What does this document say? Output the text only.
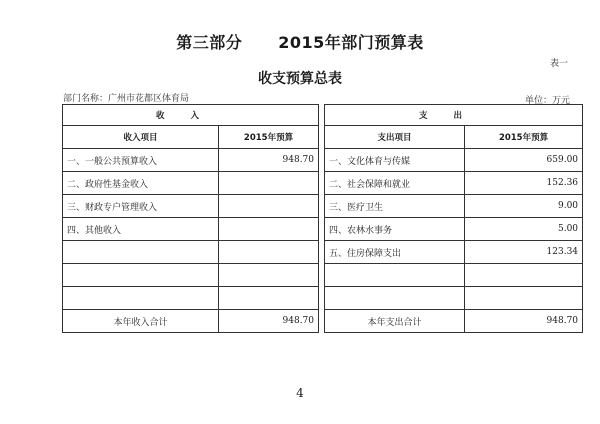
第三部分 2015年部门预算表
表一
收支预算总表
部门名称：广州市花都区体育局	单位：万元
收入			支出	
收入项目	2015年预算		支出项目	2015年预算
一、一般公共预算收入	948.70		一、文化体育与传媒	659.00
二、政府性基金收入			二、社会保障和就业	152.36
三、财政专户管理收入			三、医疗卫生	9.00
四、其他收入			四、农林水事务	5.00
			五、住房保障支出	123.34

本年收入合计	948.70		本年支出合计	948.70
4
